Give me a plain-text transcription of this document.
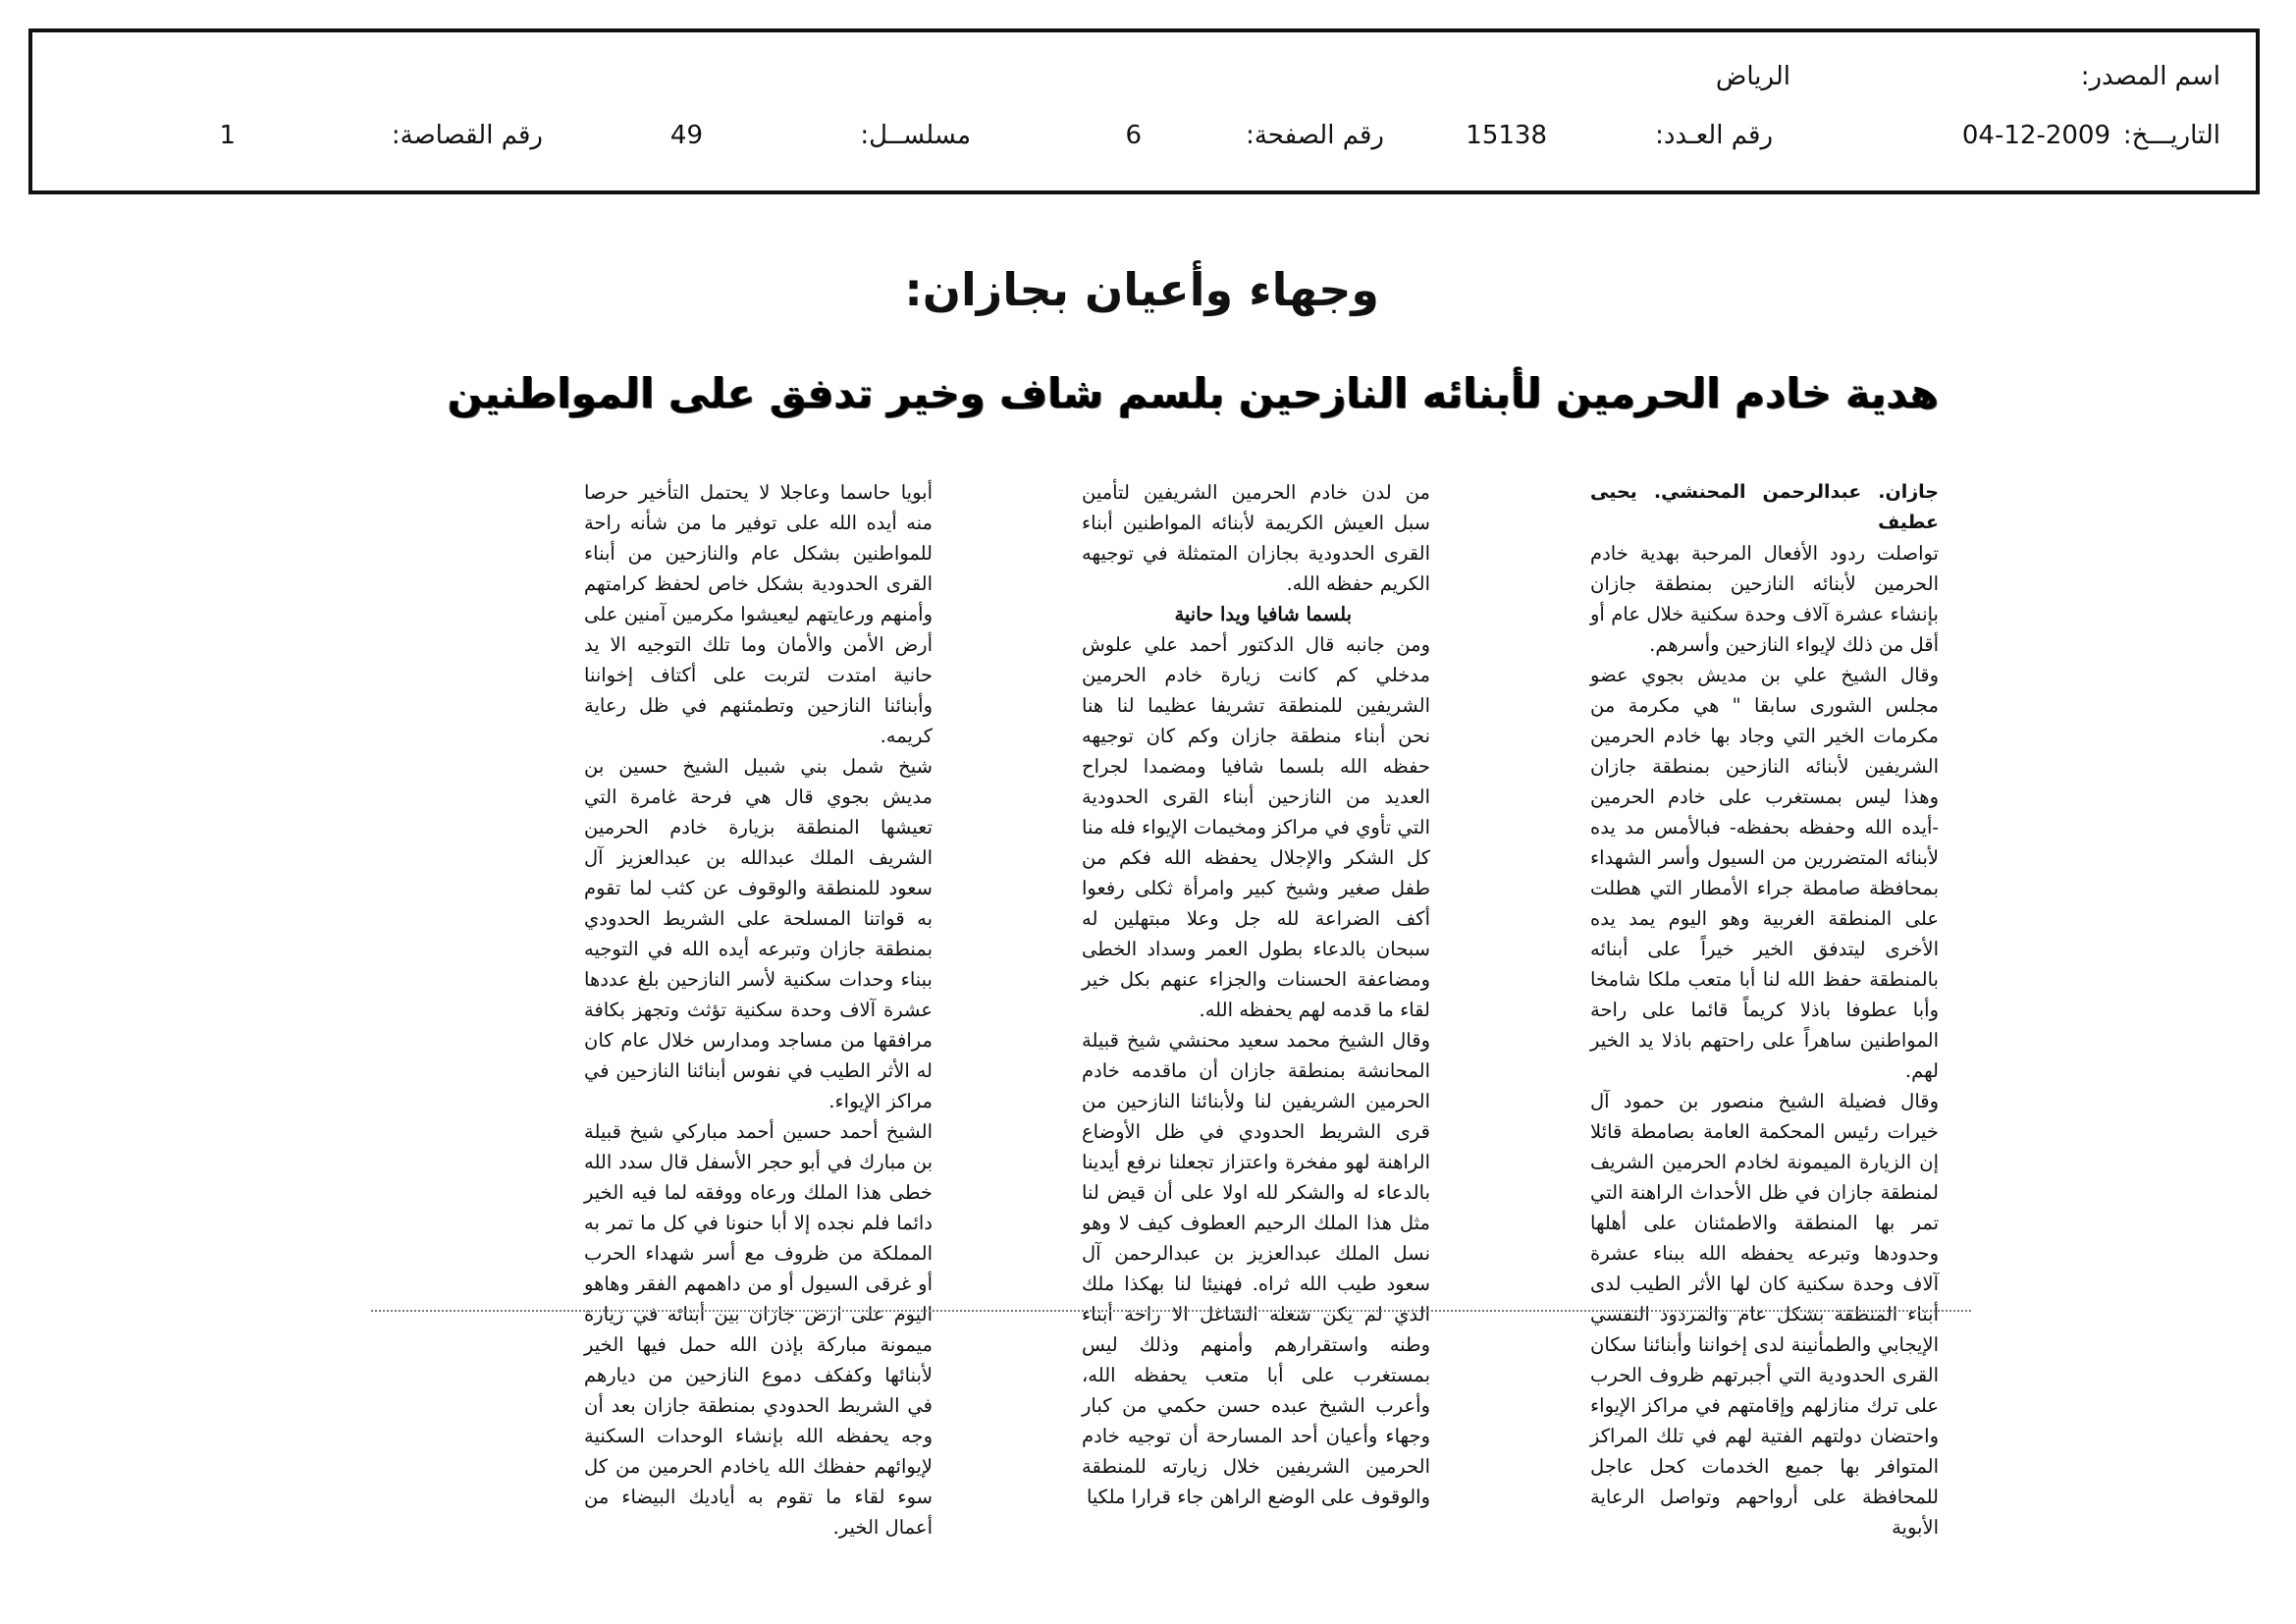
اسم المصدر:
الرياض
التاريـــخ:
04-12-2009
رقم العـدد:
15138
رقم الصفحة:
6
مسلســل:
49
رقم القصاصة:
1
وجهاء وأعيان بجازان:
هدية خادم الحرمين لأبنائه النازحين بلسم شاف وخير تدفق على المواطنين

جازان. عبدالرحمن المحنشي. يحيى عطيف

تواصلت ردود الأفعال المرحبة بهدية خادم الحرمين لأبنائه النازحين بمنطقة جازان بإنشاء عشرة آلاف وحدة سكنية خلال عام أو أقل من ذلك لإيواء النازحين وأسرهم.

وقال الشيخ علي بن مديش بجوي عضو مجلس الشورى سابقا " هي مكرمة من مكرمات الخير التي وجاد بها خادم الحرمين الشريفين لأبنائه النازحين بمنطقة جازان وهذا ليس بمستغرب على خادم الحرمين -أيده الله وحفظه بحفظه- فبالأمس مد يده لأبنائه المتضررين من السيول وأسر الشهداء بمحافظة صامطة جراء الأمطار التي هطلت على المنطقة الغربية وهو اليوم يمد يده الأخرى ليتدفق الخير خيراً على أبنائه بالمنطقة حفظ الله لنا أبا متعب ملكا شامخا وأبا عطوفا باذلا كريماً قائما على راحة المواطنين ساهراً على راحتهم باذلا يد الخير لهم.

وقال فضيلة الشيخ منصور بن حمود آل خيرات رئيس المحكمة العامة بصامطة قائلا إن الزيارة الميمونة لخادم الحرمين الشريف لمنطقة جازان في ظل الأحداث الراهنة التي تمر بها المنطقة والاطمئنان على أهلها وحدودها وتبرعه يحفظه الله ببناء عشرة آلاف وحدة سكنية كان لها الأثر الطيب لدى أبناء المنطقة بشكل عام والمردود النفسي الإيجابي والطمأنينة لدى إخواننا وأبنائنا سكان القرى الحدودية التي أجبرتهم ظروف الحرب على ترك منازلهم وإقامتهم في مراكز الإيواء واحتضان دولتهم الفتية لهم في تلك المراكز المتوافر بها جميع الخدمات كحل عاجل للمحافظة على أرواحهم وتواصل الرعاية الأبوية

من لدن خادم الحرمين الشريفين لتأمين سبل العيش الكريمة لأبنائه المواطنين أبناء القرى الحدودية بجازان المتمثلة في توجيهه الكريم حفظه الله.

بلسما شافيا ويدا حانية

ومن جانبه قال الدكتور أحمد علي علوش مدخلي كم كانت زيارة خادم الحرمين الشريفين للمنطقة تشريفا عظيما لنا هنا نحن أبناء منطقة جازان وكم كان توجيهه حفظه الله بلسما شافيا ومضمدا لجراح العديد من النازحين أبناء القرى الحدودية التي تأوي في مراكز ومخيمات الإيواء فله منا كل الشكر والإجلال يحفظه الله فكم من طفل صغير وشيخ كبير وامرأة ثكلى رفعوا أكف الضراعة لله جل وعلا مبتهلين له سبحان بالدعاء بطول العمر وسداد الخطى ومضاعفة الحسنات والجزاء عنهم بكل خير لقاء ما قدمه لهم يحفظه الله.

وقال الشيخ محمد سعيد محنشي شيخ قبيلة المحانشة بمنطقة جازان أن ماقدمه خادم الحرمين الشريفين لنا ولأبنائنا النازحين من قرى الشريط الحدودي في ظل الأوضاع الراهنة لهو مفخرة واعتزاز تجعلنا نرفع أيدينا بالدعاء له والشكر لله اولا على أن قيض لنا مثل هذا الملك الرحيم العطوف كيف لا وهو نسل الملك عبدالعزيز بن عبدالرحمن آل سعود طيب الله ثراه. فهنيئا لنا بهكذا ملك الذي لم يكن شغله الشاغل الا راحة أبناء وطنه واستقرارهم وأمنهم وذلك ليس بمستغرب على أبا متعب يحفظه الله، وأعرب الشيخ عبده حسن حكمي من كبار وجهاء وأعيان أحد المسارحة أن توجيه خادم الحرمين الشريفين خلال زيارته للمنطقة والوقوف على الوضع الراهن جاء قرارا ملكيا

أبويا حاسما وعاجلا لا يحتمل التأخير حرصا منه أيده الله على توفير ما من شأنه راحة للمواطنين بشكل عام والنازحين من أبناء القرى الحدودية بشكل خاص لحفظ كرامتهم وأمنهم ورعايتهم ليعيشوا مكرمين آمنين على أرض الأمن والأمان وما تلك التوجيه الا يد حانية امتدت لتربت على أكتاف إخواننا وأبنائنا النازحين وتطمئنهم في ظل رعاية كريمه.

شيخ شمل بني شبيل الشيخ حسين بن مديش بجوي قال هي فرحة غامرة التي تعيشها المنطقة بزيارة خادم الحرمين الشريف الملك عبدالله بن عبدالعزيز آل سعود للمنطقة والوقوف عن كثب لما تقوم به قواتنا المسلحة على الشريط الحدودي بمنطقة جازان وتبرعه أيده الله في التوجيه ببناء وحدات سكنية لأسر النازحين بلغ عددها عشرة آلاف وحدة سكنية تؤثث وتجهز بكافة مرافقها من مساجد ومدارس خلال عام كان له الأثر الطيب في نفوس أبنائنا النازحين في مراكز الإيواء.

الشيخ أحمد حسين أحمد مباركي شيخ قبيلة بن مبارك في أبو حجر الأسفل قال سدد الله خطى هذا الملك ورعاه ووفقه لما فيه الخير دائما فلم نجده إلا أبا حنونا في كل ما تمر به المملكة من ظروف مع أسر شهداء الحرب أو غرقى السيول أو من داهمهم الفقر وهاهو اليوم على ارض جازان بين أبنائه في زيارة ميمونة مباركة بإذن الله حمل فيها الخير لأبنائها وكفكف دموع النازحين من ديارهم في الشريط الحدودي بمنطقة جازان بعد أن وجه يحفظه الله بإنشاء الوحدات السكنية لإيوائهم حفظك الله ياخادم الحرمين من كل سوء لقاء ما تقوم به أياديك البيضاء من أعمال الخير.
